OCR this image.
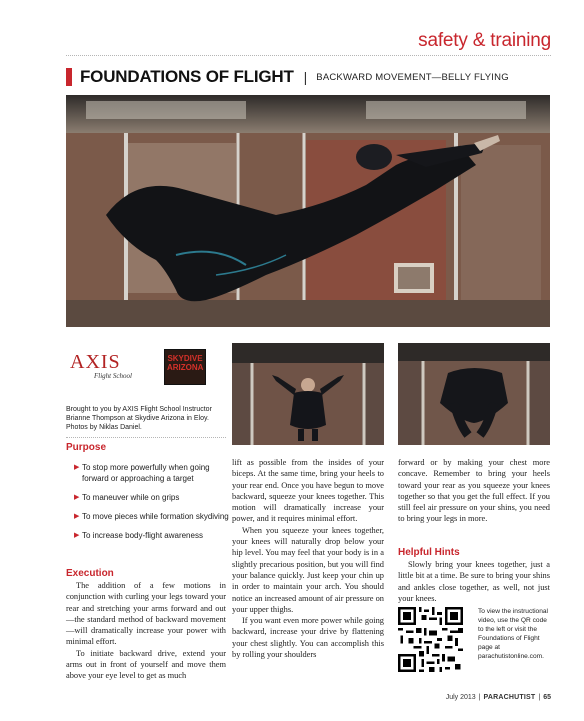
safety & training
FOUNDATIONS OF FLIGHT | BACKWARD MOVEMENT—BELLY FLYING
AXIS
Flight School
SKYDIVE ARIZONA
Brought to you by AXIS Flight School Instructor Brianne Thompson at Skydive Arizona in Eloy. Photos by Niklas Daniel.
Purpose
▶ To stop more powerfully when going forward or approaching a target
▶ To maneuver while on grips
▶ To move pieces while formation skydiving
▶ To increase body-flight awareness
Execution

The addition of a few motions in conjunction with curling your legs toward your rear and stretching your arms forward and out—the standard method of backward movement—will dramatically increase your power with minimal effort.

To initiate backward drive, extend your arms out in front of yourself and move them above your eye level to get as much

lift as possible from the insides of your biceps. At the same time, bring your heels to your rear end. Once you have begun to move backward, squeeze your knees together. This motion will dramatically increase your power, and it requires minimal effort.

When you squeeze your knees together, your knees will naturally drop below your hip level. You may feel that your body is in a slightly precarious position, but you will find your balance quickly. Just keep your chin up in order to maintain your arch. You should notice an increased amount of air pressure on your upper thighs.

If you want even more power while going backward, increase your drive by flattening your chest slightly. You can accomplish this by rolling your shoulders

forward or by making your chest more concave. Remember to bring your heels toward your rear as you squeeze your knees together so that you get the full effect. If you still feel air pressure on your shins, you need to bring your legs in more.

Helpful Hints

Slowly bring your knees together, just a little bit at a time. Be sure to bring your shins and ankles close together, as well, not just your knees.

To view the instructional video, use the QR code to the left or visit the Foundations of Flight page at parachutistonline.com.
July 2013 | PARACHUTIST | 65
